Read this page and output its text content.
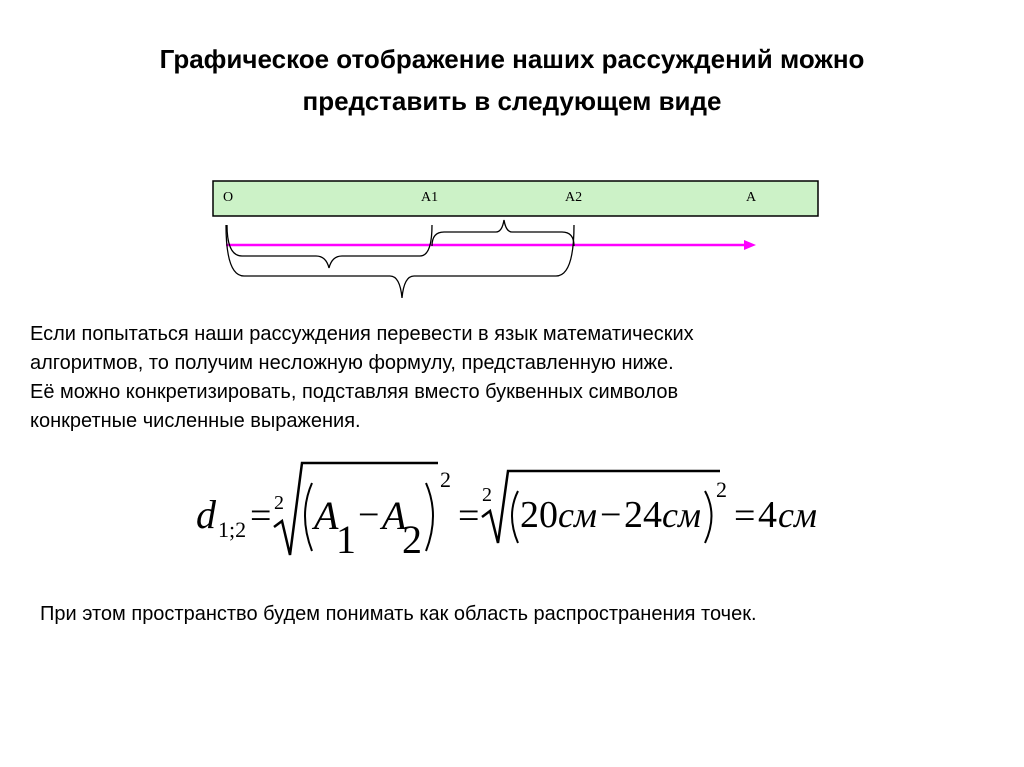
Графическое отображение наших рассуждений можно
представить в следующем виде
O	A1	A2	A
Если попытаться наши рассуждения перевести в язык математических
алгоритмов, то получим несложную формулу, представленную ниже.
Её можно конкретизировать, подставляя вместо буквенных символов
конкретные численные выражения.
d 1;2 = 2 A
1
− A
2
2
= 2 20 см − 24 см
2
= 4 см
При этом пространство будем понимать как область распространения точек.
